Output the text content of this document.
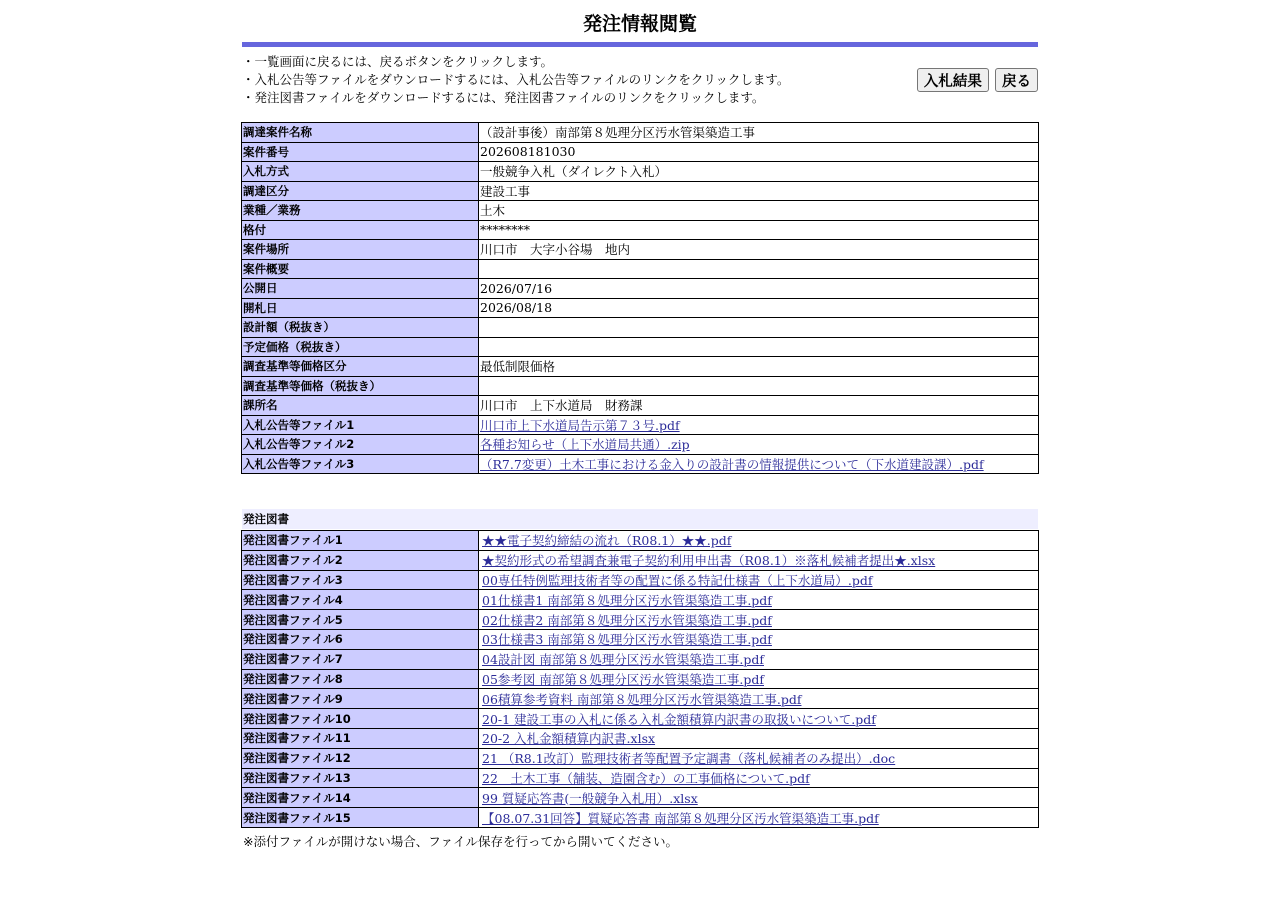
発注情報閲覧
・一覧画面に戻るには、戻るボタンをクリックします。
・入札公告等ファイルをダウンロードするには、入札公告等ファイルのリンクをクリックします。
・発注図書ファイルをダウンロードするには、発注図書ファイルのリンクをクリックします。
入札結果 戻る
調達案件名称	（設計事後）南部第８処理分区汚水管渠築造工事
案件番号	202608181030
入札方式	一般競争入札（ダイレクト入札）
調達区分	建設工事
業種／業務	土木
格付	********
案件場所	川口市　大字小谷場　地内
案件概要	
公開日	2026/07/16
開札日	2026/08/18
設計額（税抜き）	
予定価格（税抜き）	
調査基準等価格区分	最低制限価格
調査基準等価格（税抜き）	
課所名	川口市　上下水道局　財務課
入札公告等ファイル1	川口市上下水道局告示第７３号.pdf
入札公告等ファイル2	各種お知らせ（上下水道局共通）.zip
入札公告等ファイル3	（R7.7変更）土木工事における金入りの設計書の情報提供について（下水道建設課）.pdf
発注図書
発注図書ファイル1	★★電子契約締結の流れ（R08.1）★★.pdf
発注図書ファイル2	★契約形式の希望調査兼電子契約利用申出書（R08.1）※落札候補者提出★.xlsx
発注図書ファイル3	00専任特例監理技術者等の配置に係る特記仕様書（上下水道局）.pdf
発注図書ファイル4	01仕様書1 南部第８処理分区汚水管渠築造工事.pdf
発注図書ファイル5	02仕様書2 南部第８処理分区汚水管渠築造工事.pdf
発注図書ファイル6	03仕様書3 南部第８処理分区汚水管渠築造工事.pdf
発注図書ファイル7	04設計図 南部第８処理分区汚水管渠築造工事.pdf
発注図書ファイル8	05参考図 南部第８処理分区汚水管渠築造工事.pdf
発注図書ファイル9	06積算参考資料 南部第８処理分区汚水管渠築造工事.pdf
発注図書ファイル10	20-1 建設工事の入札に係る入札金額積算内訳書の取扱いについて.pdf
発注図書ファイル11	20-2 入札金額積算内訳書.xlsx
発注図書ファイル12	21 （R8.1改訂）監理技術者等配置予定調書（落札候補者のみ提出）.doc
発注図書ファイル13	22　土木工事（舗装、造園含む）の工事価格について.pdf
発注図書ファイル14	99 質疑応答書(一般競争入札用）.xlsx
発注図書ファイル15	【08.07.31回答】質疑応答書 南部第８処理分区汚水管渠築造工事.pdf
※添付ファイルが開けない場合、ファイル保存を行ってから開いてください。
